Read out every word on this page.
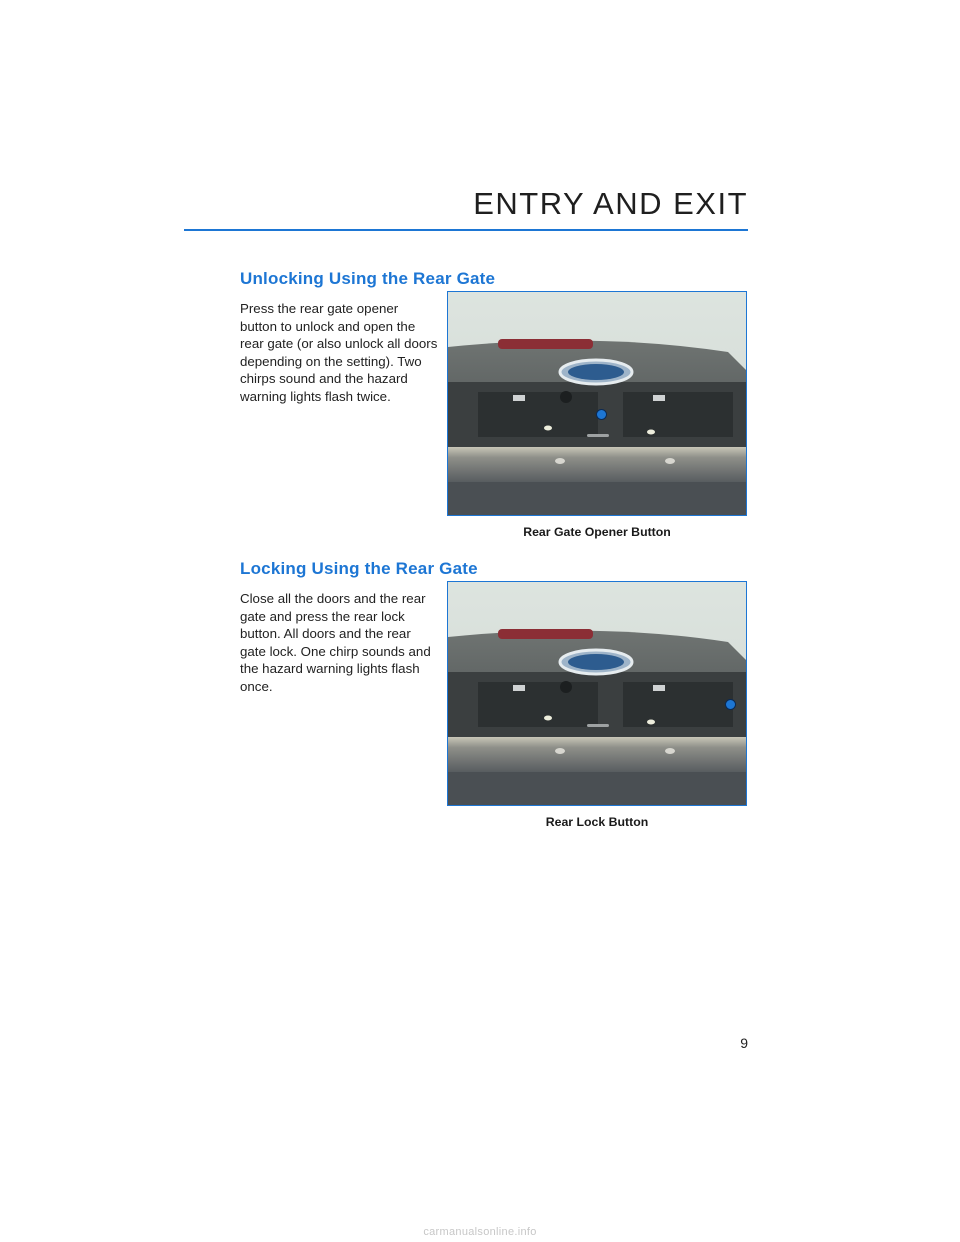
ENTRY AND EXIT
Unlocking Using the Rear Gate

Press the rear gate opener button to unlock and open the rear gate (or also unlock all doors depending on the setting). Two chirps sound and the hazard warning lights flash twice.

Rear Gate Opener Button

Locking Using the Rear Gate

Close all the doors and the rear gate and press the rear lock button. All doors and the rear gate lock. One chirp sounds and the hazard warning lights flash once.

Rear Lock Button

9

carmanualsonline.info
